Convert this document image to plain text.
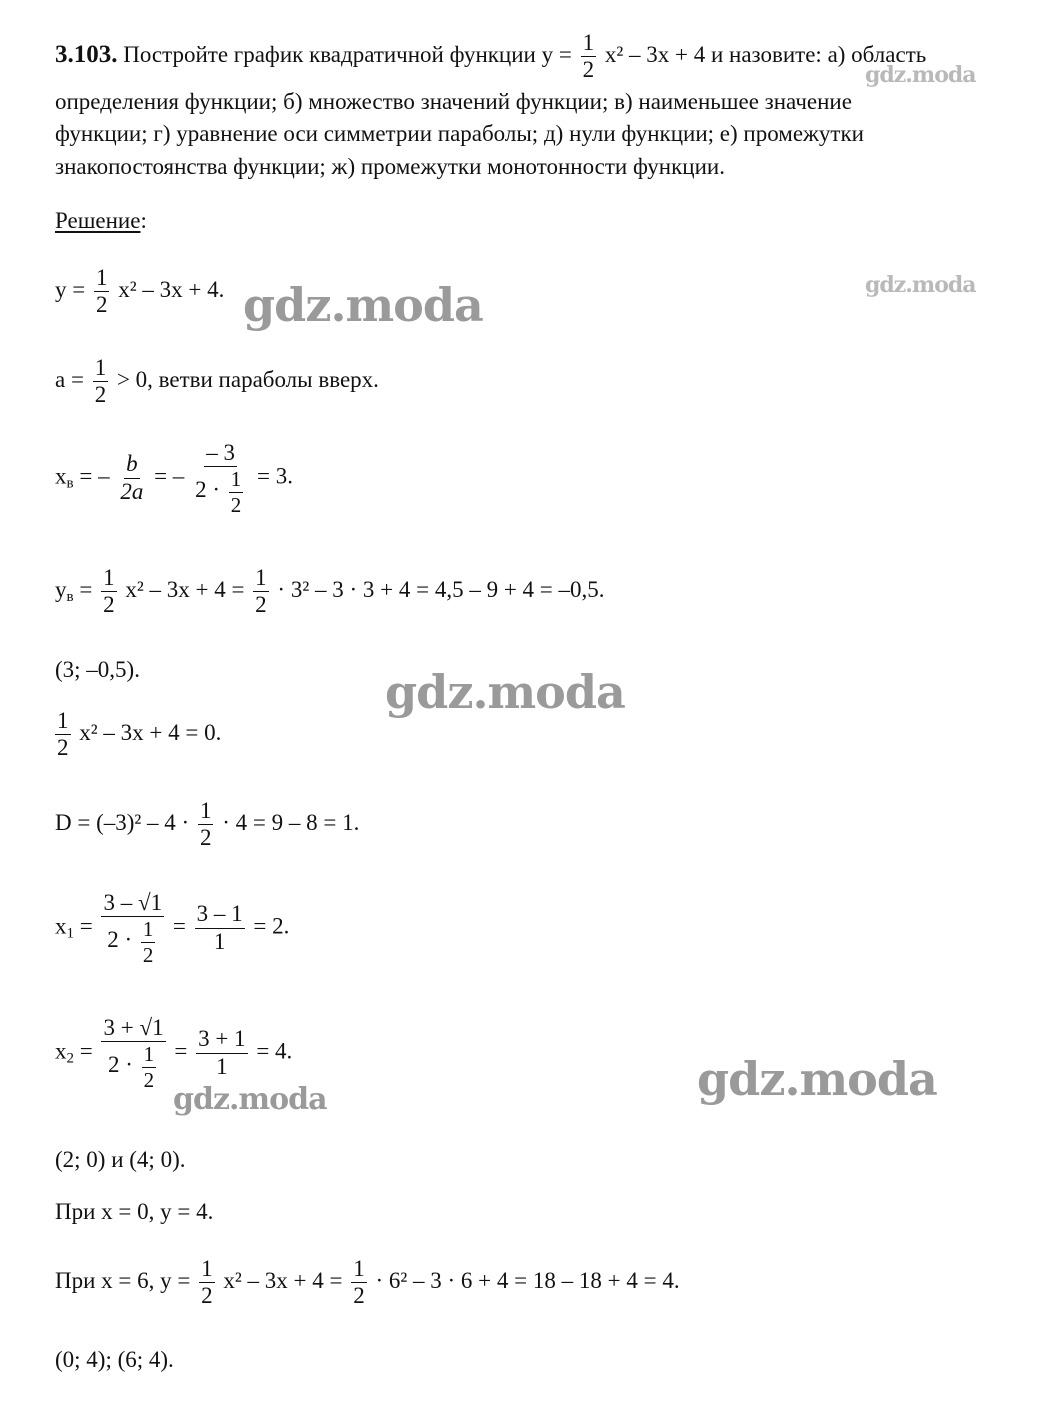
3.103. Постройте график квадратичной функции $y = \frac{1}{2} x^2 - 3x + 4$ и назовите: а) область
определения функции; б) множество значений функции; в) наименьшее значение
функции; г) уравнение оси симметрии параболы; д) нули функции; е) промежутки
знакопостоянства функции; ж) промежутки монотонности функции.
Решение:
$y = \frac{1}{2} x^2 - 3x + 4$.
$a = \frac{1}{2} > 0$, ветви параболы вверх.
$x_в$ = – $\frac{b}{2a}$ = – $\frac{- 3}{2 \cdot \frac{1}{2}} = 3$.
$y_в = \frac{1}{2} x^2 - 3x + 4 = \frac{1}{2} \cdot 3^2 - 3 \cdot 3 + 4 = 4,5 - 9 + 4 = -0,5$.
(3; –0,5).
$\frac{1}{2} x^2 - 3x + 4 = 0$.
$D = (-3)^2 - 4 \cdot \frac{1}{2} \cdot 4 = 9 - 8 = 1$.
$x_1 = \frac{3 - √1}{2 \cdot \frac{1}{2}} = \frac{3 - 1}{1} = 2$.
$x_2 = \frac{3 + √1}{2 \cdot \frac{1}{2}} = \frac{3 + 1}{1} = 4$.
(2; 0) и (4; 0).
При x = 0, y = 4.
При x = 6, $y = \frac{1}{2} x^2 - 3x + 4 = \frac{1}{2} \cdot 6^2 - 3 \cdot 6 + 4 = 18 - 18 + 4 = 4$.
(0; 4); (6; 4).
gdz.moda
gdz.moda
gdz.moda
gdz.moda
gdz.moda
gdz.moda
